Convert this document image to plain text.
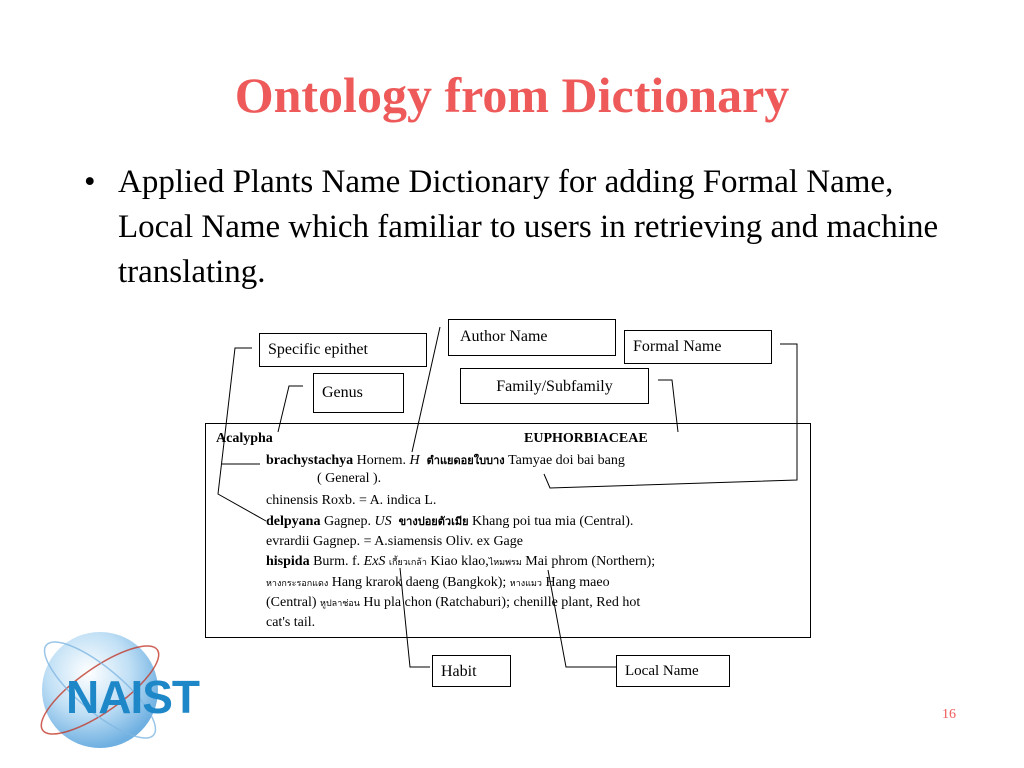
Ontology from Dictionary
• Applied Plants Name Dictionary for adding Formal Name, Local Name which familiar to users in retrieving and machine translating.
Specific epithet
Author Name
Formal Name
Genus	Family/Subfamily
Habit	Local Name
Acalypha	EUPHORBIACEAE
brachystachya Hornem. H ตำแยดอยใบบาง Tamyae doi bai bang
( General ).
chinensis Roxb. = A. indica L.
delpyana Gagnep. US ขางปอยตัวเมีย Khang poi tua mia (Central).
evrardii Gagnep. = A.siamensis Oliv. ex Gage
hispida Burm. f. ExS เกี้ยวเกล้า Kiao klao,ไหมพรม Mai phrom (Northern);
หางกระรอกแดง Hang krarok daeng (Bangkok); หางแมว Hang maeo
(Central) หูปลาช่อน Hu pla chon (Ratchaburi); chenille plant, Red hot
cat's tail.
NAIST	16
